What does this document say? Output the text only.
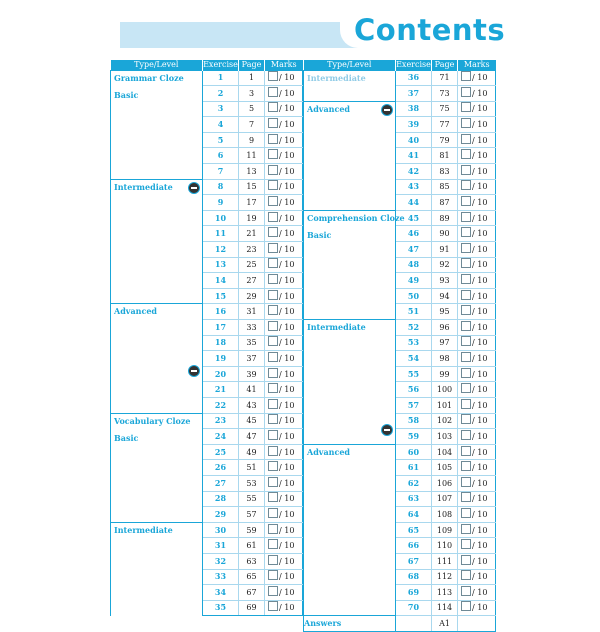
Contents
Type/Level	Exercise	Page	Marks

Grammar Cloze
Basic	1	1	/ 10
	2	3	/ 10
	3	5	/ 10
	4	7	/ 10
	5	9	/ 10
	6	11	/ 10
	7	13	/ 10

Intermediate	8	15	/ 10
	9	17	/ 10
	10	19	/ 10
	11	21	/ 10
	12	23	/ 10
	13	25	/ 10
	14	27	/ 10
	15	29	/ 10

Advanced	16	31	/ 10
	17	33	/ 10
	18	35	/ 10
	19	37	/ 10
	20	39	/ 10
	21	41	/ 10
	22	43	/ 10

Vocabulary Cloze
Basic	23	45	/ 10
	24	47	/ 10
	25	49	/ 10
	26	51	/ 10
	27	53	/ 10
	28	55	/ 10
	29	57	/ 10

Intermediate	30	59	/ 10
	31	61	/ 10
	32	63	/ 10
	33	65	/ 10
	34	67	/ 10
	35	69	/ 10
Type/Level	Exercise	Page	Marks

Intermediate	36	71	/ 10
	37	73	/ 10

Advanced	38	75	/ 10
	39	77	/ 10
	40	79	/ 10
	41	81	/ 10
	42	83	/ 10
	43	85	/ 10
	44	87	/ 10

Comprehension Cloze
Basic	45	89	/ 10
	46	90	/ 10
	47	91	/ 10
	48	92	/ 10
	49	93	/ 10
	50	94	/ 10
	51	95	/ 10

Intermediate	52	96	/ 10
	53	97	/ 10
	54	98	/ 10
	55	99	/ 10
	56	100	/ 10
	57	101	/ 10
	58	102	/ 10
	59	103	/ 10

Advanced	60	104	/ 10
	61	105	/ 10
	62	106	/ 10
	63	107	/ 10
	64	108	/ 10
	65	109	/ 10
	66	110	/ 10
	67	111	/ 10
	68	112	/ 10
	69	113	/ 10
	70	114	/ 10
Answers		A1	
